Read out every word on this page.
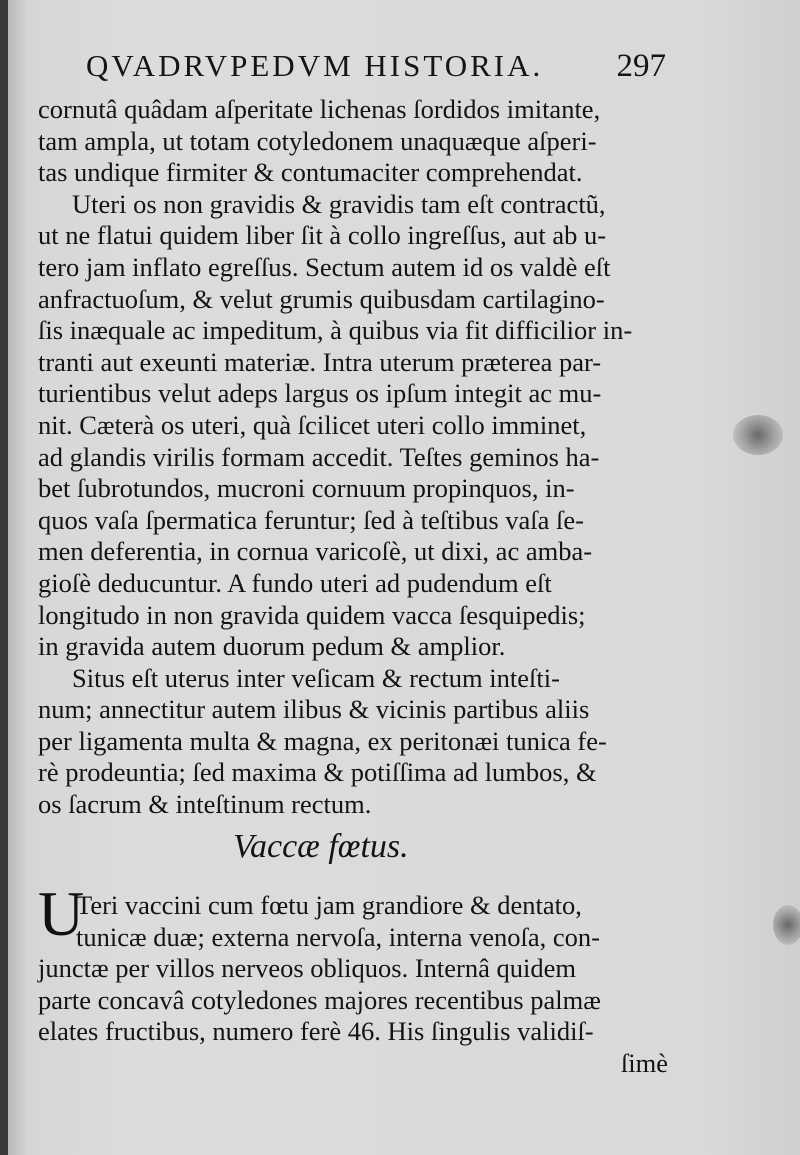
QVADRVPEDVM HISTORIA. 297
cornutâ quâdam aſperitate lichenas ſordidos imitante,
tam ampla, ut totam cotyledonem unaquæque aſperi-
tas undique firmiter & contumaciter comprehendat.
Uteri os non gravidis & gravidis tam eſt contractũ,
ut ne flatui quidem liber ſit à collo ingreſſus, aut ab u-
tero jam inflato egreſſus. Sectum autem id os valdè eſt
anfractuoſum, & velut grumis quibusdam cartilagino-
ſis inæquale ac impeditum, à quibus via fit difficilior in-
tranti aut exeunti materiæ. Intra uterum præterea par-
turientibus velut adeps largus os ipſum integit ac mu-
nit. Cæterà os uteri, quà ſcilicet uteri collo imminet,
ad glandis virilis formam accedit. Teſtes geminos ha-
bet ſubrotundos, mucroni cornuum propinquos, in-
quos vaſa ſpermatica feruntur; ſed à teſtibus vaſa ſe-
men deferentia, in cornua varicoſè, ut dixi, ac amba-
gioſè deducuntur. A fundo uteri ad pudendum eſt
longitudo in non gravida quidem vacca ſesquipedis;
in gravida autem duorum pedum & amplior.
Situs eſt uterus inter veſicam & rectum inteſti-
num; annectitur autem ilibus & vicinis partibus aliis
per ligamenta multa & magna, ex peritonæi tunica fe-
rè prodeuntia; ſed maxima & potiſſima ad lumbos, &
os ſacrum & inteſtinum rectum.
Vaccæ fœtus.
U
Teri vaccini cum fœtu jam grandiore & dentato,
tunicæ duæ; externa nervoſa, interna venoſa, con-
junctæ per villos nerveos obliquos. Internâ quidem
parte concavâ cotyledones majores recentibus palmæ
elates fructibus, numero ferè 46. His ſingulis validiſ-
ſimè
